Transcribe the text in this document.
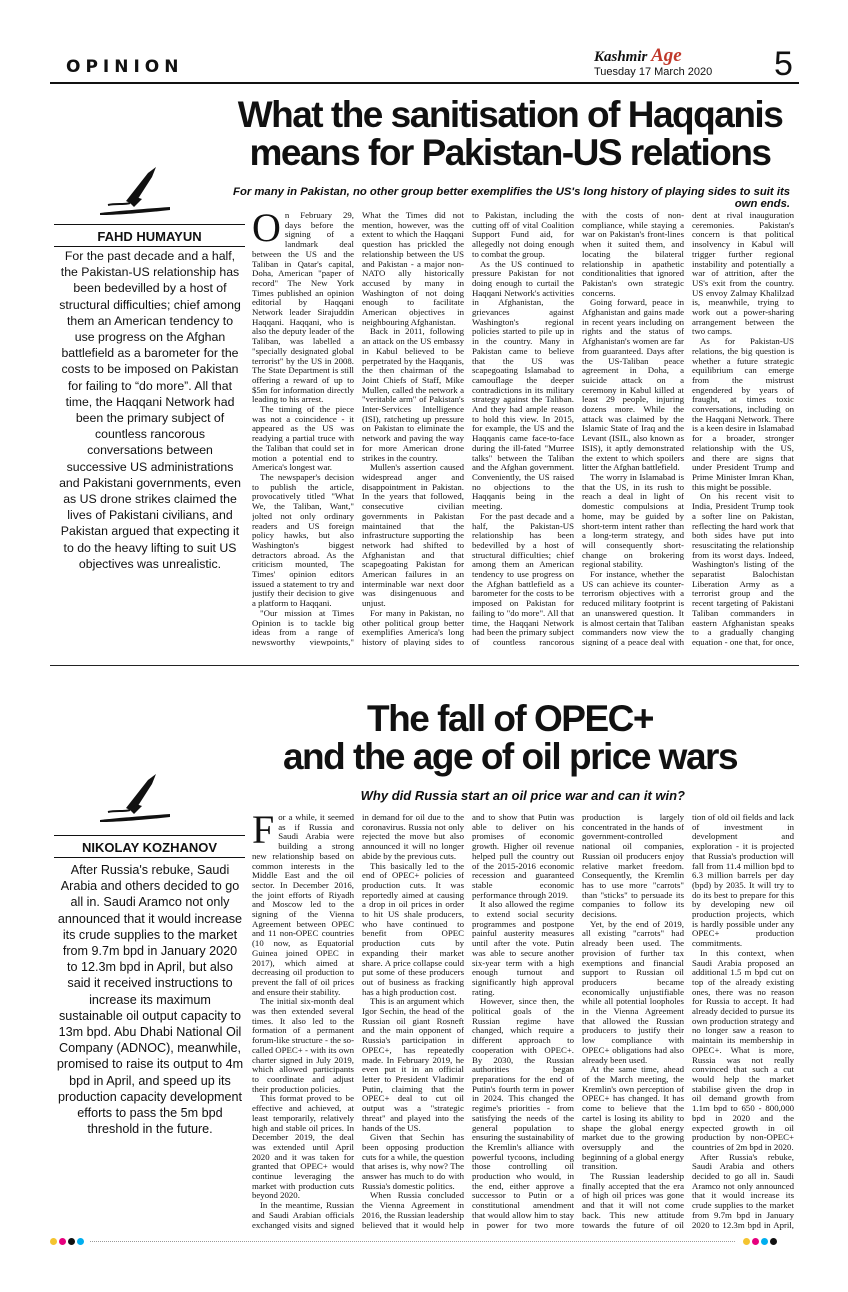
OPINION	Kashmir Age
Tuesday 17 March 2020 5
What the sanitisation of Haqqanis
means for Pakistan-US relations
For many in Pakistan, no other group better exemplifies the US's long history of playing sides to suit its own ends.
FAHD HUMAYUN
For the past decade and a half, the Pakistan-US relationship has been bedevilled by a host of structural difficulties; chief among them an American tendency to use progress on the Afghan battlefield as a barometer for the costs to be imposed on Pakistan for failing to “do more”. All that time, the Haqqani Network had been the primary subject of countless rancorous conversations between successive US administrations and Pakistani governments, even as US drone strikes claimed the lives of Pakistani civilians, and Pakistan argued that expecting it to do the heavy lifting to suit US objectives was unrealistic.

On February 29, days before the signing of a landmark deal between the US and the Taliban in Qatar's capital, Doha, American "paper of record" The New York Times published an opinion editorial by Haqqani Network leader Sirajuddin Haqqani. Haqqani, who is also the deputy leader of the Taliban, was labelled a "specially designated global terrorist" by the US in 2008. The State Department is still offering a reward of up to $5m for information directly leading to his arrest.

The timing of the piece was not a coincidence - it appeared as the US was readying a partial truce with the Taliban that could set in motion a potential end to America's longest war.

The newspaper's decision to publish the article, provocatively titled "What We, the Taliban, Want," jolted not only ordinary readers and US foreign policy hawks, but also Washington's biggest detractors abroad. As the criticism mounted, The Times' opinion editors issued a statement to try and justify their decision to give a platform to Haqqani.

"Our mission at Times Opinion is to tackle big ideas from a range of newsworthy viewpoints,"

What the Times did not mention, however, was the extent to which the Haqqani question has prickled the relationship between the US and Pakistan - a major non-NATO ally historically accused by many in Washington of not doing enough to facilitate American objectives in neighbouring Afghanistan.

Back in 2011, following an attack on the US embassy in Kabul believed to be perpetrated by the Haqqanis, the then chairman of the Joint Chiefs of Staff, Mike Mullen, called the network a "veritable arm" of Pakistan's Inter-Services Intelligence (ISI), ratcheting up pressure on Pakistan to eliminate the network and paving the way for more American drone strikes in the country.

Mullen's assertion caused widespread anger and disappointment in Pakistan. In the years that followed, consecutive civilian governments in Pakistan maintained that the infrastructure supporting the network had shifted to Afghanistan and that scapegoating Pakistan for American failures in an interminable war next door was disingenuous and unjust.

For many in Pakistan, no other political group better exemplifies America's long history of playing sides to

to Pakistan, including the cutting off of vital Coalition Support Fund aid, for allegedly not doing enough to combat the group.

As the US continued to pressure Pakistan for not doing enough to curtail the Haqqani Network's activities in Afghanistan, the grievances against Washington's regional policies started to pile up in in the country. Many in Pakistan came to believe that the US was scapegoating Islamabad to camouflage the deeper contradictions in its military strategy against the Taliban. And they had ample reason to hold this view. In 2015, for example, the US and the Haqqanis came face-to-face during the ill-fated "Murree talks" between the Taliban and the Afghan government. Conveniently, the US raised no objections to the Haqqanis being in the meeting.

For the past decade and a half, the Pakistan-US relationship has been bedevilled by a host of structural difficulties; chief among them an American tendency to use progress on the Afghan battlefield as a barometer for the costs to be imposed on Pakistan for failing to "do more". All that time, the Haqqani Network had been the primary subject of countless rancorous

with the costs of non-compliance, while staying a war on Pakistan's front-lines when it suited them, and locating the bilateral relationship in apathetic conditionalities that ignored Pakistan's own strategic concerns.

Going forward, peace in Afghanistan and gains made in recent years including on rights and the status of Afghanistan's women are far from guaranteed. Days after the US-Taliban peace agreement in Doha, a suicide attack on a ceremony in Kabul killed at least 29 people, injuring dozens more. While the attack was claimed by the Islamic State of Iraq and the Levant (ISIL, also known as ISIS), it aptly demonstrated the extent to which spoilers litter the Afghan battlefield.

The worry in Islamabad is that the US, in its rush to reach a deal in light of domestic compulsions at home, may be guided by short-term intent rather than a long-term strategy, and will consequently short-change on brokering regional stability.

For instance, whether the US can achieve its counter-terrorism objectives with a reduced military footprint is an unanswered question. It is almost certain that Taliban commanders now view the signing of a peace deal with

dent at rival inauguration ceremonies. Pakistan's concern is that political insolvency in Kabul will trigger further regional instability and potentially a war of attrition, after the US's exit from the country. US envoy Zalmay Khalilzad is, meanwhile, trying to work out a power-sharing arrangement between the two camps.

As for Pakistan-US relations, the big question is whether a future strategic equilibrium can emerge from the mistrust engendered by years of fraught, at times toxic conversations, including on the Haqqani Network. There is a keen desire in Islamabad for a broader, stronger relationship with the US, and there are signs that under President Trump and Prime Minister Imran Khan, this might be possible.

On his recent visit to India, President Trump took a softer line on Pakistan, reflecting the hard work that both sides have put into resuscitating the relationship from its worst days. Indeed, Washington's listing of the separatist Balochistan Liberation Army as a terrorist group and the recent targeting of Pakistani Taliban commanders in eastern Afghanistan speaks to a gradually changing equation - one that, for once,

The fall of OPEC+
and the age of oil price wars
Why did Russia start an oil price war and can it win?
NIKOLAY KOZHANOV
After Russia's rebuke, Saudi Arabia and others decided to go all in. Saudi Aramco not only announced that it would increase its crude supplies to the market from 9.7m bpd in January 2020 to 12.3m bpd in April, but also said it received instructions to increase its maximum sustainable oil output capacity to 13m bpd. Abu Dhabi National Oil Company (ADNOC), meanwhile, promised to raise its output to 4m bpd in April, and speed up its production capacity development efforts to pass the 5m bpd threshold in the future.

For a while, it seemed as if Russia and Saudi Arabia were building a strong new relationship based on common interests in the Middle East and the oil sector. In December 2016, the joint efforts of Riyadh and Moscow led to the signing of the Vienna Agreement between OPEC and 11 non-OPEC countries (10 now, as Equatorial Guinea joined OPEC in 2017), which aimed at decreasing oil production to prevent the fall of oil prices and ensure their stability.

The initial six-month deal was then extended several times. It also led to the formation of a permanent forum-like structure - the so-called OPEC+ - with its own charter signed in July 2019, which allowed participants to coordinate and adjust their production policies.

This format proved to be effective and achieved, at least temporarily, relatively high and stable oil prices. In December 2019, the deal was extended until April 2020 and it was taken for granted that OPEC+ would continue leveraging the market with production cuts beyond 2020.

In the meantime, Russian and Saudi Arabian officials exchanged visits and signed

in demand for oil due to the coronavirus. Russia not only rejected the move but also announced it will no longer abide by the previous cuts.

This basically led to the end of OPEC+ policies of production cuts. It was reportedly aimed at causing a drop in oil prices in order to hit US shale producers, who have continued to benefit from OPEC production cuts by expanding their market share. A price collapse could put some of these producers out of business as fracking has a high production cost.

This is an argument which Igor Sechin, the head of the Russian oil giant Rosneft and the main opponent of Russia's participation in OPEC+, has repeatedly made. In February 2019, he even put it in an official letter to President Vladimir Putin, claiming that the OPEC+ deal to cut oil output was a "strategic threat" and played into the hands of the US.

Given that Sechin has been opposing production cuts for a while, the question that arises is, why now? The answer has much to do with Russia's domestic politics.

When Russia concluded the Vienna Agreement in 2016, the Russian leadership believed that it would help

and to show that Putin was able to deliver on his promises of economic growth. Higher oil revenue helped pull the country out of the 2015-2016 economic recession and guaranteed stable economic performance through 2019.

It also allowed the regime to extend social security programmes and postpone painful austerity measures until after the vote. Putin was able to secure another six-year term with a high enough turnout and significantly high approval rating.

However, since then, the political goals of the Russian regime have changed, which require a different approach to cooperation with OPEC+. By 2030, the Russian authorities began preparations for the end of Putin's fourth term in power in 2024. This changed the regime's priorities - from satisfying the needs of the general population to ensuring the sustainability of the Kremlin's alliance with powerful tycoons, including those controlling oil production who would, in the end, either approve a successor to Putin or a constitutional amendment that would allow him to stay in power for two more

production is largely concentrated in the hands of government-controlled national oil companies, Russian oil producers enjoy relative market freedom. Consequently, the Kremlin has to use more "carrots" than "sticks" to persuade its companies to follow its decisions.

Yet, by the end of 2019, all existing "carrots" had already been used. The provision of further tax exemptions and financial support to Russian oil producers became economically unjustifiable while all potential loopholes in the Vienna Agreement that allowed the Russian producers to justify their low compliance with OPEC+ obligations had also already been used.

At the same time, ahead of the March meeting, the Kremlin's own perception of OPEC+ has changed. It has come to believe that the cartel is losing its ability to shape the global energy market due to the growing oversupply and the beginning of a global energy transition.

The Russian leadership finally accepted that the era of high oil prices was gone and that it will not come back. This new attitude towards the future of oil

tion of old oil fields and lack of investment in development and exploration - it is projected that Russia's production will fall from 11.4 million bpd to 6.3 million barrels per day (bpd) by 2035. It will try to do its best to prepare for this by developing new oil production projects, which is hardly possible under any OPEC+ production commitments.

In this context, when Saudi Arabia proposed an additional 1.5 m bpd cut on top of the already existing ones, there was no reason for Russia to accept. It had already decided to pursue its own production strategy and no longer saw a reason to maintain its membership in OPEC+. What is more, Russia was not really convinced that such a cut would help the market stabilise given the drop in oil demand growth from 1.1m bpd to 650 - 800,000 bpd in 2020 and the expected growth in oil production by non-OPEC+ countries of 2m bpd in 2020.

After Russia's rebuke, Saudi Arabia and others decided to go all in. Saudi Aramco not only announced that it would increase its crude supplies to the market from 9.7m bpd in January 2020 to 12.3m bpd in April,
